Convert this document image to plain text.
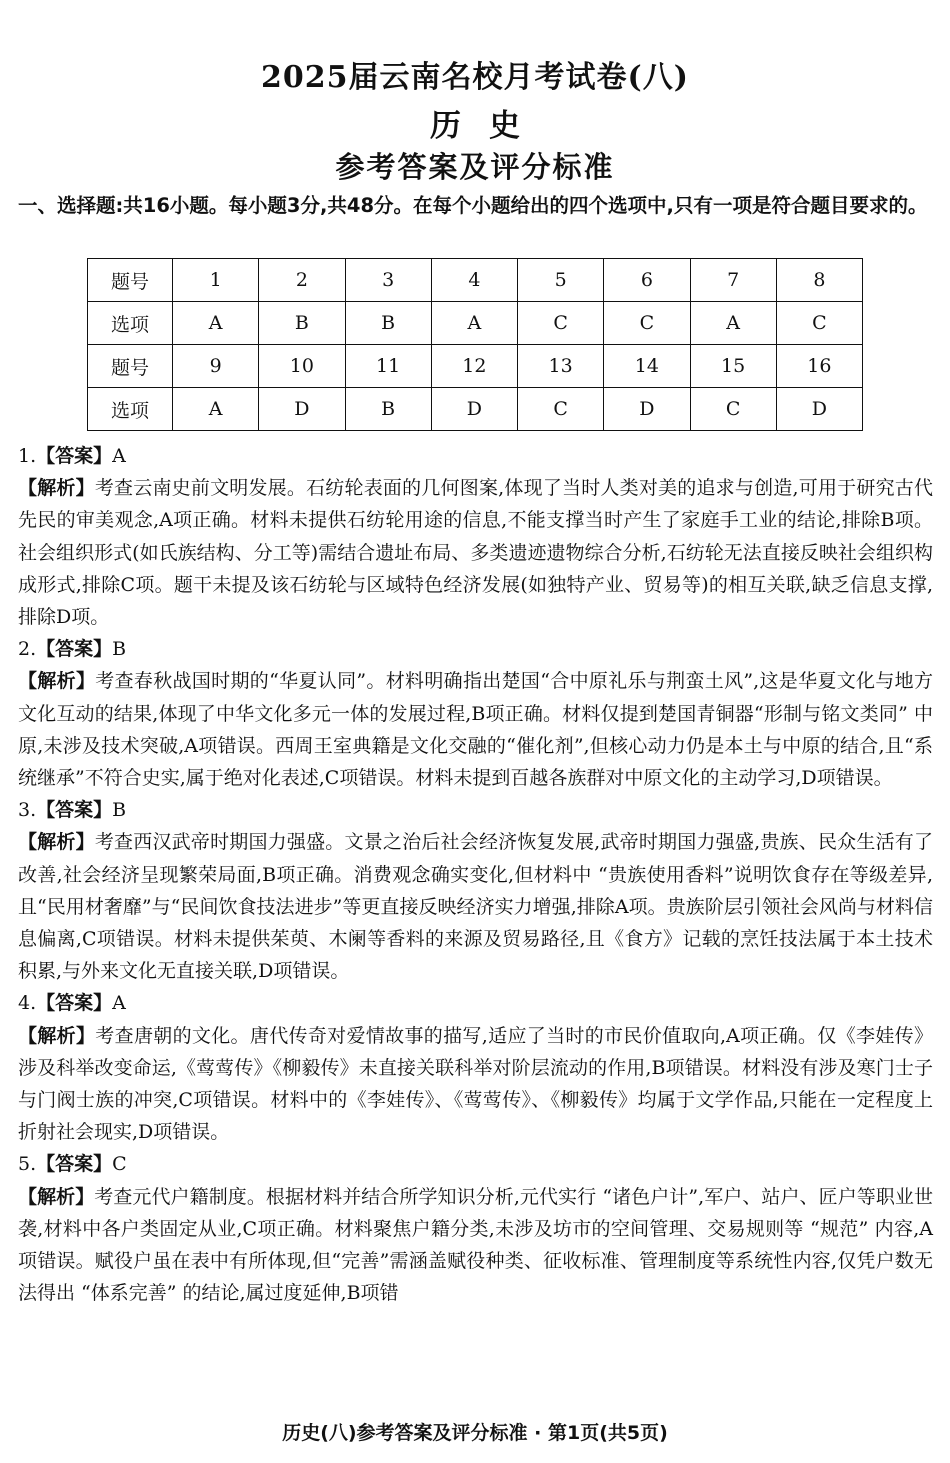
2025届云南名校月考试卷(八)
历史
参考答案及评分标准
一、选择题:共16小题。每小题3分,共48分。在每个小题给出的四个选项中,只有一项是符合题目要求的。
题号	1	2	3	4	5	6	7	8
选项	A	B	B	A	C	C	A	C
题号	9	10	11	12	13	14	15	16
选项	A	D	B	D	C	D	C	D
1.【答案】A
【解析】考查云南史前文明发展。石纺轮表面的几何图案,体现了当时人类对美的追求与创造,可用于研究古代先民的审美观念,A项正确。材料未提供石纺轮用途的信息,不能支撑当时产生了家庭手工业的结论,排除B项。社会组织形式(如氏族结构、分工等)需结合遗址布局、多类遗迹遗物综合分析,石纺轮无法直接反映社会组织构成形式,排除C项。题干未提及该石纺轮与区域特色经济发展(如独特产业、贸易等)的相互关联,缺乏信息支撑,排除D项。
2.【答案】B
【解析】考查春秋战国时期的“华夏认同”。材料明确指出楚国“合中原礼乐与荆蛮土风”,这是华夏文化与地方文化互动的结果,体现了中华文化多元一体的发展过程,B项正确。材料仅提到楚国青铜器“形制与铭文类同” 中原,未涉及技术突破,A项错误。西周王室典籍是文化交融的“催化剂”,但核心动力仍是本土与中原的结合,且“系统继承”不符合史实,属于绝对化表述,C项错误。材料未提到百越各族群对中原文化的主动学习,D项错误。
3.【答案】B
【解析】考查西汉武帝时期国力强盛。文景之治后社会经济恢复发展,武帝时期国力强盛,贵族、民众生活有了改善,社会经济呈现繁荣局面,B项正确。消费观念确实变化,但材料中 “贵族使用香料”说明饮食存在等级差异,且“民用材奢靡”与“民间饮食技法进步”等更直接反映经济实力增强,排除A项。贵族阶层引领社会风尚与材料信息偏离,C项错误。材料未提供茱萸、木阑等香料的来源及贸易路径,且《食方》记载的烹饪技法属于本土技术积累,与外来文化无直接关联,D项错误。
4.【答案】A
【解析】考查唐朝的文化。唐代传奇对爱情故事的描写,适应了当时的市民价值取向,A项正确。仅《李娃传》涉及科举改变命运,《莺莺传》《柳毅传》未直接关联科举对阶层流动的作用,B项错误。材料没有涉及寒门士子与门阀士族的冲突,C项错误。材料中的《李娃传》、《莺莺传》、《柳毅传》均属于文学作品,只能在一定程度上折射社会现实,D项错误。
5.【答案】C
【解析】考查元代户籍制度。根据材料并结合所学知识分析,元代实行 “诸色户计”,军户、站户、匠户等职业世袭,材料中各户类固定从业,C项正确。材料聚焦户籍分类,未涉及坊市的空间管理、交易规则等 “规范” 内容,A项错误。赋役户虽在表中有所体现,但“完善”需涵盖赋役种类、征收标准、管理制度等系统性内容,仅凭户数无法得出 “体系完善” 的结论,属过度延伸,B项错
历史(八)参考答案及评分标准 · 第1页(共5页)
